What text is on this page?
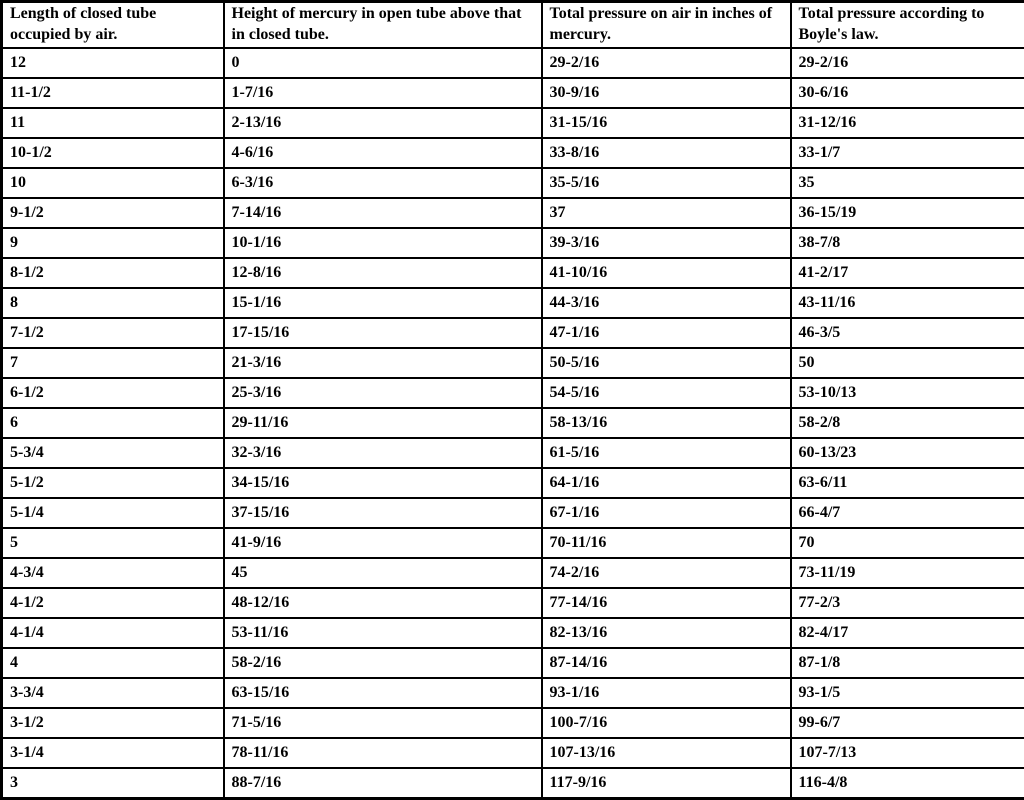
Length of closed tube occupied by air.	Height of mercury in open tube above that in closed tube.	Total pressure on air in inches of mercury.	Total pressure according to Boyle's law.
12	0	29-2/16	29-2/16
11-1/2	1-7/16	30-9/16	30-6/16
11	2-13/16	31-15/16	31-12/16
10-1/2	4-6/16	33-8/16	33-1/7
10	6-3/16	35-5/16	35
9-1/2	7-14/16	37	36-15/19
9	10-1/16	39-3/16	38-7/8
8-1/2	12-8/16	41-10/16	41-2/17
8	15-1/16	44-3/16	43-11/16
7-1/2	17-15/16	47-1/16	46-3/5
7	21-3/16	50-5/16	50
6-1/2	25-3/16	54-5/16	53-10/13
6	29-11/16	58-13/16	58-2/8
5-3/4	32-3/16	61-5/16	60-13/23
5-1/2	34-15/16	64-1/16	63-6/11
5-1/4	37-15/16	67-1/16	66-4/7
5	41-9/16	70-11/16	70
4-3/4	45	74-2/16	73-11/19
4-1/2	48-12/16	77-14/16	77-2/3
4-1/4	53-11/16	82-13/16	82-4/17
4	58-2/16	87-14/16	87-1/8
3-3/4	63-15/16	93-1/16	93-1/5
3-1/2	71-5/16	100-7/16	99-6/7
3-1/4	78-11/16	107-13/16	107-7/13
3	88-7/16	117-9/16	116-4/8
